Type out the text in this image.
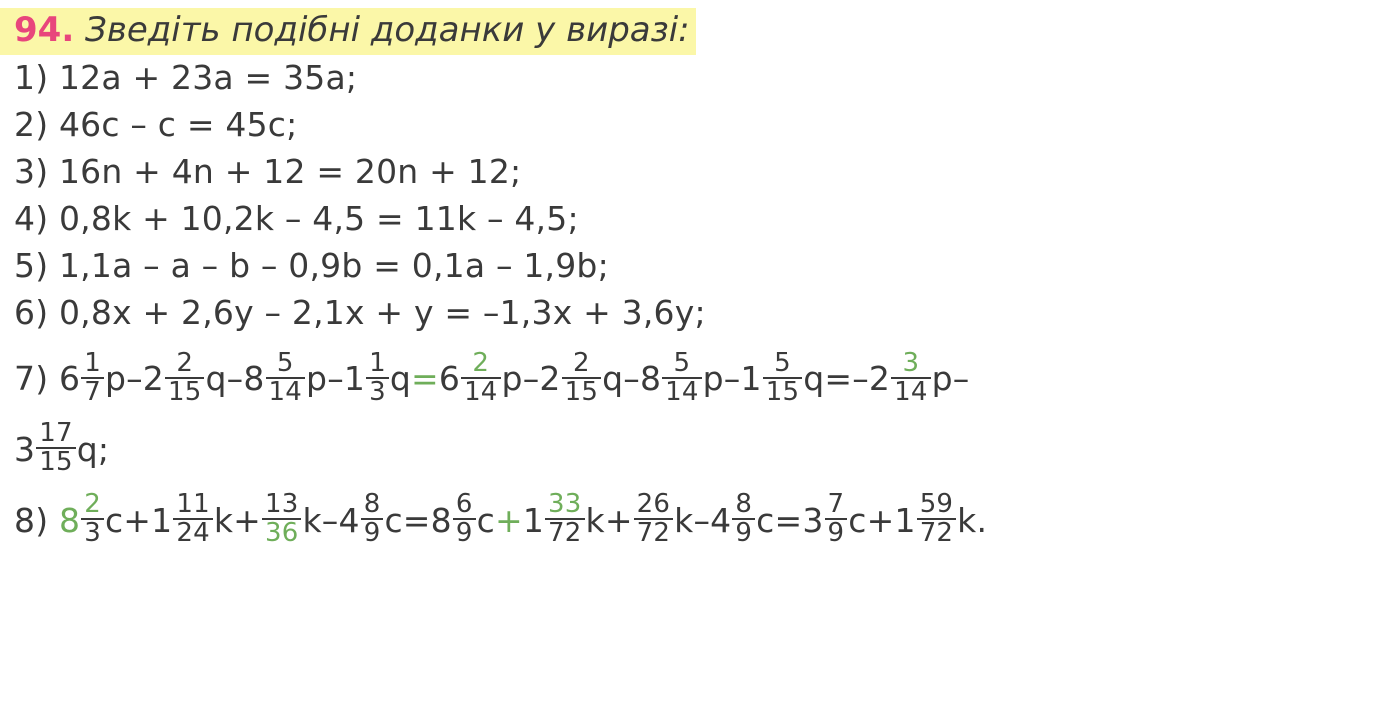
94. Зведіть подібні доданки у виразі:
1) 12a + 23a = 35a;
2) 46c – c = 45c;
3) 16n + 4n + 12 = 20n + 12;
4) 0,8k + 10,2k – 4,5 = 11k – 4,5;
5) 1,1a – a – b – 0,9b = 0,1a – 1,9b;
6) 0,8x + 2,6y – 2,1x + y = –1,3x + 3,6y;
7)
$6 \frac{1}{7}$ p – $2 \frac{2}{15}$ q – $8 \frac{5}{14}$ p – $1 \frac{1}{3}$ $q = 6 \frac{2}{14}$ p – $2 \frac{2}{15}$ q – $8 \frac{5}{14}$ p – $1 \frac{5}{15}$ $q = -2 \frac{3}{14}$ p –
$3 \frac{17}{15} q$;
8)
$8 \frac{2}{3}$ $c + 1 \frac{11}{24}$ $k + \frac{13}{36}$ k – $4 \frac{8}{9}$ $c = 8 \frac{6}{9}$ $c + 1 \frac{33}{72}$ $k + \frac{26}{72}$ k – $4 \frac{8}{9}$ $c = 3 \frac{7}{9}$ $c + 1 \frac{59}{72} k$.
